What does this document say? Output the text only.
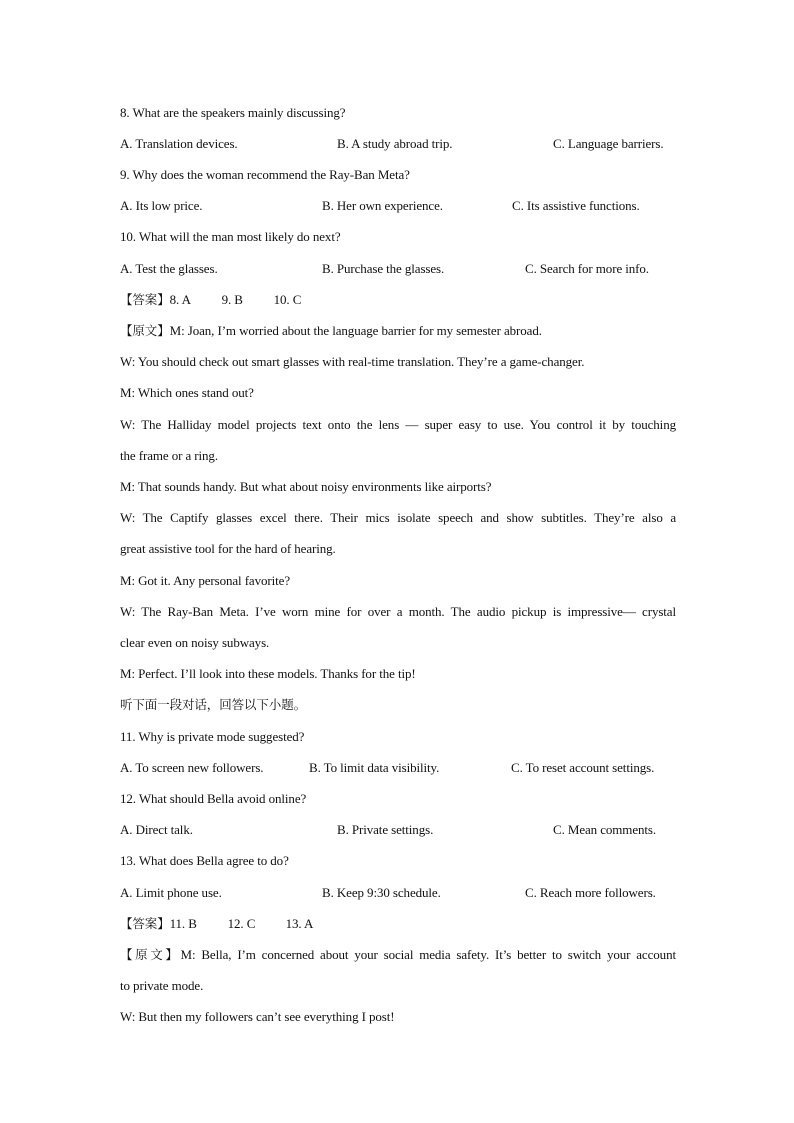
8. What are the speakers mainly discussing?
A. Translation devices.	B. A study abroad trip.	C. Language barriers.
9. Why does the woman recommend the Ray-Ban Meta?
A. Its low price.	B. Her own experience.	C. Its assistive functions.
10. What will the man most likely do next?
A. Test the glasses.	B. Purchase the glasses.	C. Search for more info.
【答案】8. A 9. B 10. C
【原文】M: Joan, I’m worried about the language barrier for my semester abroad.
W: You should check out smart glasses with real-time translation. They’re a game-changer.
M: Which ones stand out?
W: The Halliday model projects text onto the lens — super easy to use. You control it by touching
the frame or a ring.
M: That sounds handy. But what about noisy environments like airports?
W: The Captify glasses excel there. Their mics isolate speech and show subtitles. They’re also a
great assistive tool for the hard of hearing.
M: Got it. Any personal favorite?
W: The Ray-Ban Meta. I’ve worn mine for over a month. The audio pickup is impressive— crystal
clear even on noisy subways.
M: Perfect. I’ll look into these models. Thanks for the tip!
听下面一段对话，回答以下小题。
11. Why is private mode suggested?
A. To screen new followers.	B. To limit data visibility.	C. To reset account settings.
12. What should Bella avoid online?
A. Direct talk.	B. Private settings.	C. Mean comments.
13. What does Bella agree to do?
A. Limit phone use.	B. Keep 9:30 schedule.	C. Reach more followers.
【答案】11. B 12. C 13. A
【原文】M: Bella, I’m concerned about your social media safety. It’s better to switch your account
to private mode.
W: But then my followers can’t see everything I post!
